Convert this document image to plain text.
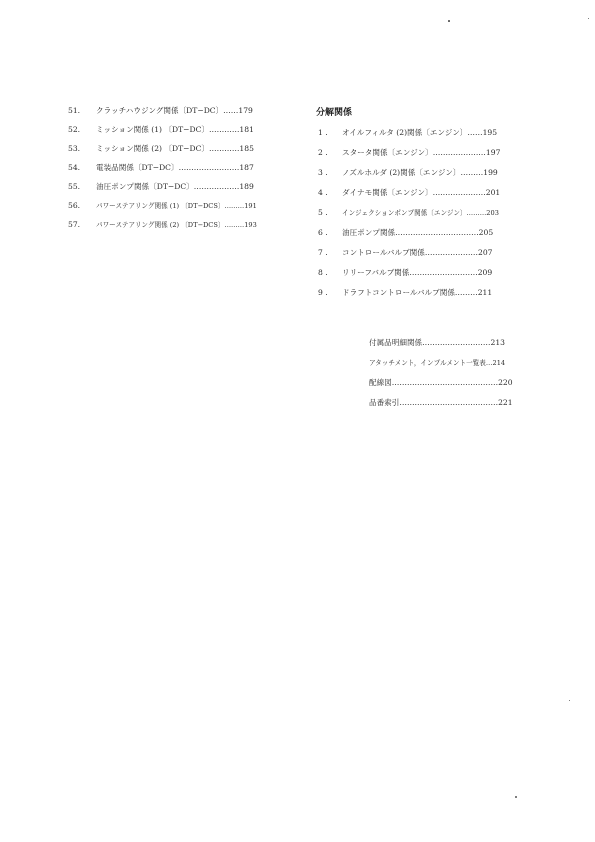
51. クラッチハウジング関係〔DT−DC〕……179
52. ミッション関係 (1) 〔DT−DC〕…………181
53. ミッション関係 (2) 〔DT−DC〕…………185
54. 電装品関係〔DT−DC〕……………………187
55. 油圧ポンプ関係〔DT−DC〕………………189
56. パワーステアリング関係 (1) 〔DT−DCS〕………191
57. パワーステアリング関係 (2) 〔DT−DCS〕………193
分解関係
1 . オイルフィルタ (2)関係〔エンジン〕……195
2 . スタータ関係〔エンジン〕…………………197
3 . ノズルホルダ (2)関係〔エンジン〕………199
4 . ダイナモ関係〔エンジン〕…………………201
5 . インジェクションポンプ関係〔エンジン〕………203
6 . 油圧ポンプ関係……………………………205
7 . コントロールバルブ関係…………………207
8 . リリーフバルブ関係………………………209
9 . ドラフトコントロールバルブ関係………211
付属品明細関係………………………213
アタッチメント，インプルメント一覧表…214
配線図……………………………………220
品番索引…………………………………221
